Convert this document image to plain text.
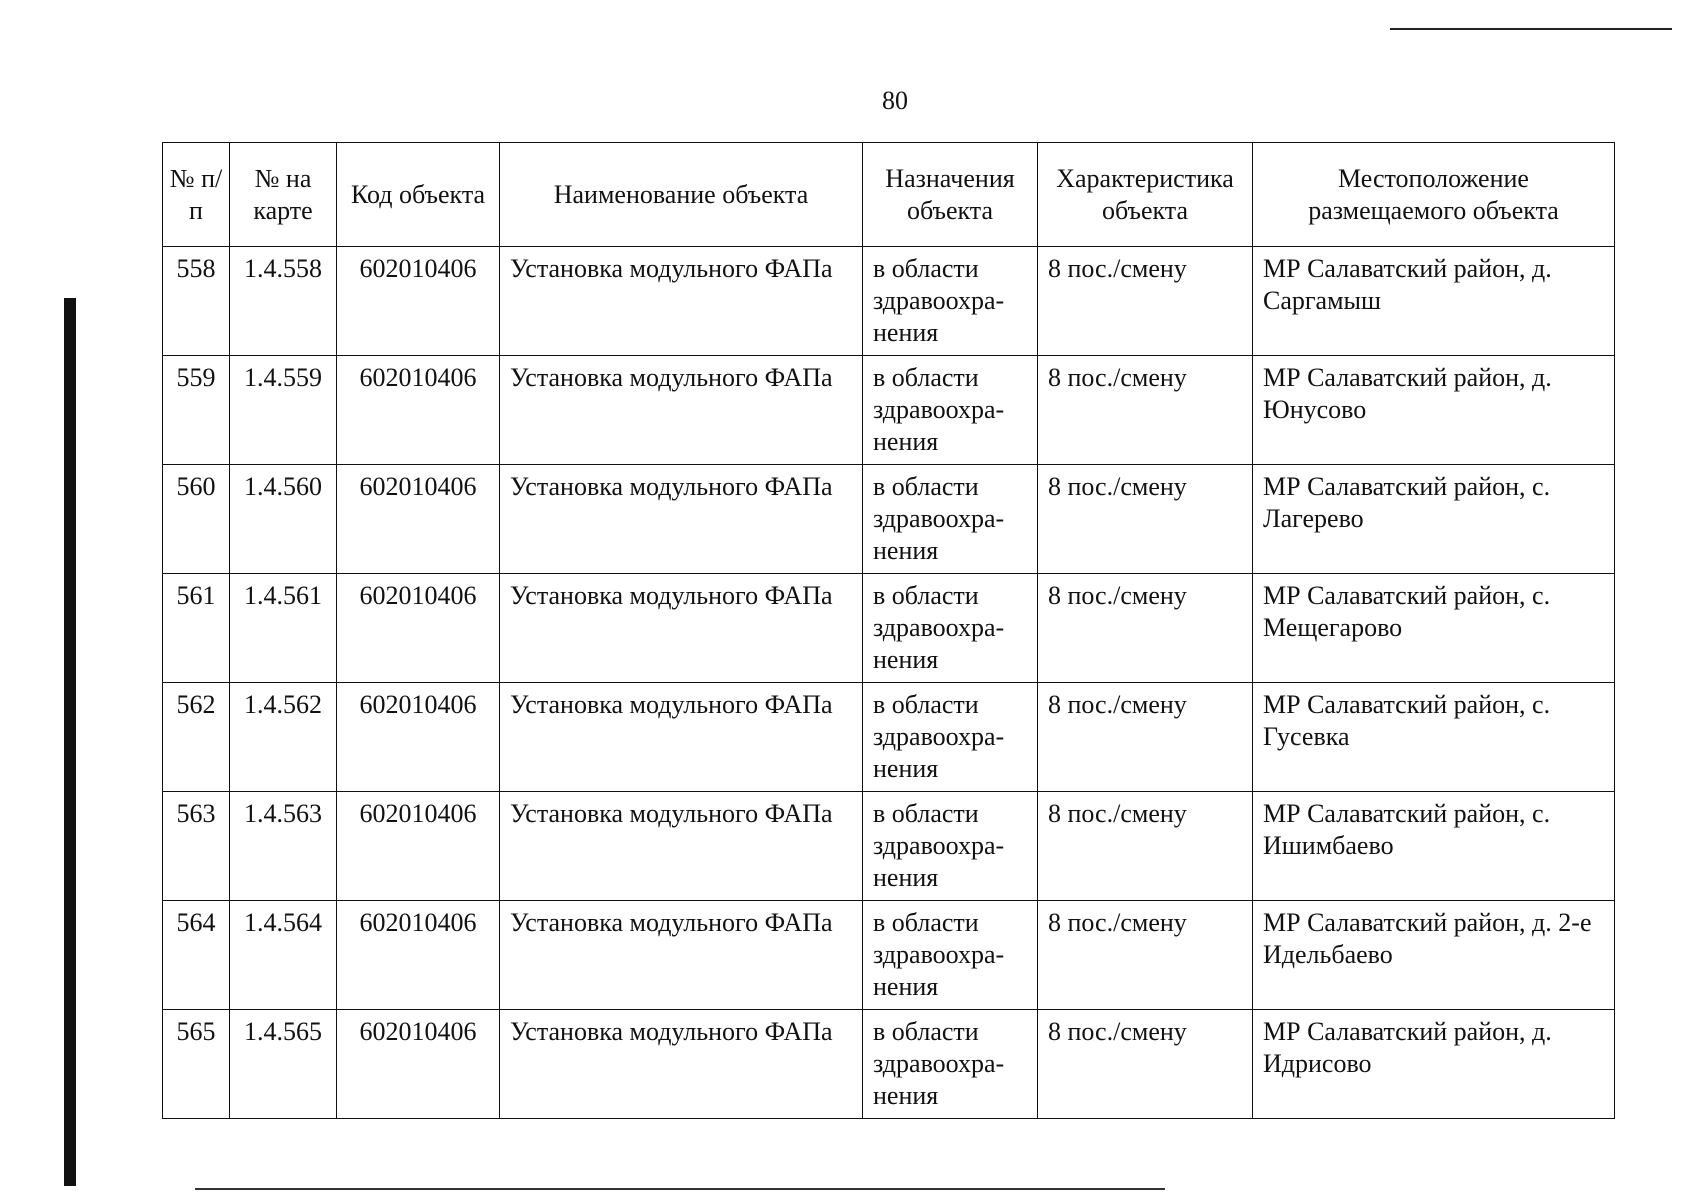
80
№ п/п	№ на карте	Код объекта	Наименование объекта	Назначения объекта	Характеристика объекта	Местоположение размещаемого объекта
558	1.4.558	602010406	Установка модульного ФАПа	в области здравоохра-нения	8 пос./смену	МР Салаватский район, д. Саргамыш
559	1.4.559	602010406	Установка модульного ФАПа	в области здравоохра-нения	8 пос./смену	МР Салаватский район, д. Юнусово
560	1.4.560	602010406	Установка модульного ФАПа	в области здравоохра-нения	8 пос./смену	МР Салаватский район, с. Лагерево
561	1.4.561	602010406	Установка модульного ФАПа	в области здравоохра-нения	8 пос./смену	МР Салаватский район, с. Мещегарово
562	1.4.562	602010406	Установка модульного ФАПа	в области здравоохра-нения	8 пос./смену	МР Салаватский район, с. Гусевка
563	1.4.563	602010406	Установка модульного ФАПа	в области здравоохра-нения	8 пос./смену	МР Салаватский район, с. Ишимбаево
564	1.4.564	602010406	Установка модульного ФАПа	в области здравоохра-нения	8 пос./смену	МР Салаватский район, д. 2-е Идельбаево
565	1.4.565	602010406	Установка модульного ФАПа	в области здравоохра-нения	8 пос./смену	МР Салаватский район, д. Идрисово
